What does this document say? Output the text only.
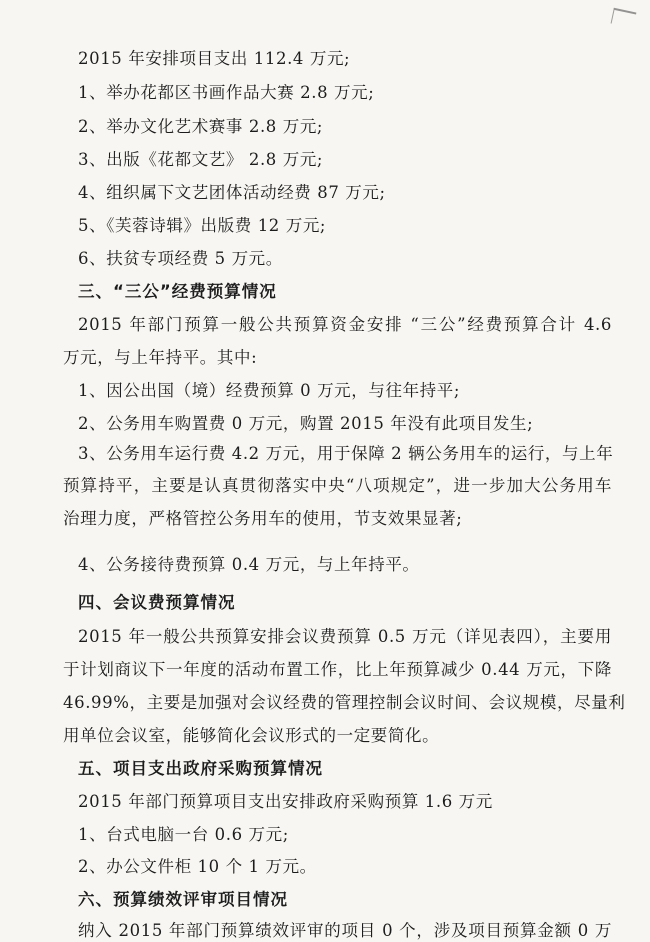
2015 年安排项目支出 112.4 万元;
1、举办花都区书画作品大赛 2.8 万元;
2、举办文化艺术赛事 2.8 万元;
3、出版《花都文艺》 2.8 万元;
4、组织属下文艺团体活动经费 87 万元;
5、《芙蓉诗辑》出版费 12 万元;
6、扶贫专项经费 5 万元。
三、“三公”经费预算情况
2015 年部门预算一般公共预算资金安排 “三公”经费预算合计 4.6
万元，与上年持平。其中:
1、因公出国（境）经费预算 0 万元，与往年持平;
2、公务用车购置费 0 万元，购置 2015 年没有此项目发生;
3、公务用车运行费 4.2 万元，用于保障 2 辆公务用车的运行，与上年
预算持平，主要是认真贯彻落实中央“八项规定”，进一步加大公务用车
治理力度，严格管控公务用车的使用，节支效果显著;
4、公务接待费预算 0.4 万元，与上年持平。
四、会议费预算情况
2015 年一般公共预算安排会议费预算 0.5 万元（详见表四），主要用
于计划商议下一年度的活动布置工作，比上年预算减少 0.44 万元，下降
46.99%，主要是加强对会议经费的管理控制会议时间、会议规模，尽量利
用单位会议室，能够简化会议形式的一定要简化。
五、项目支出政府采购预算情况
2015 年部门预算项目支出安排政府采购预算 1.6 万元
1、台式电脑一台 0.6 万元;
2、办公文件柜 10 个 1 万元。
六、预算绩效评审项目情况
纳入 2015 年部门预算绩效评审的项目 0 个，涉及项目预算金额 0 万
